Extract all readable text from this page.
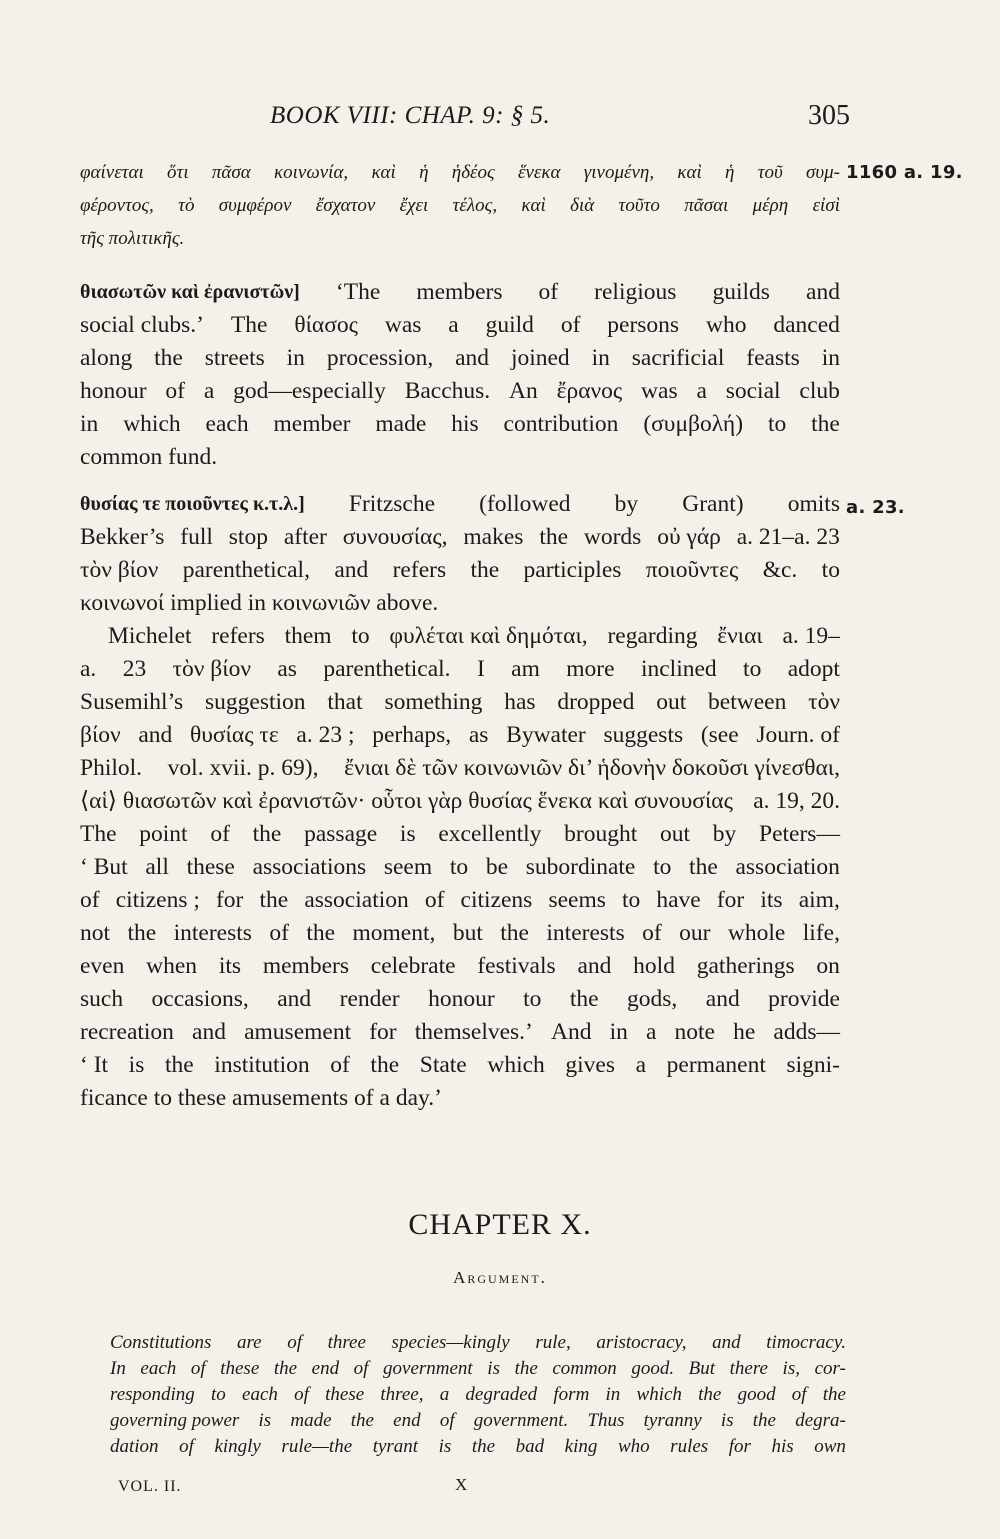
BOOK VIII: CHAP. 9: § 5.	305
φαίνεται ὅτι πᾶσα κοινωνία, καὶ ἡ ἡδέος ἕνεκα γινομένη, καὶ ἡ τοῦ συμ-
φέροντος, τὸ συμφέρον ἔσχατον ἔχει τέλος, καὶ διὰ τοῦτο πᾶσαι μέρη εἰσὶ
τῆς πολιτικῆς.
1160 a. 19.
θιασωτῶν καὶ ἐρανιστῶν] ‘The members of religious guilds and
social clubs.’ The θίασος was a guild of persons who danced
along the streets in procession, and joined in sacrificial feasts in
honour of a god—especially Bacchus. An ἔρανος was a social club
in which each member made his contribution (συμβολή) to the
common fund.
θυσίας τε ποιοῦντες κ.τ.λ.] Fritzsche (followed by Grant) omits
Bekker’s full stop after συνουσίας, makes the words οὐ γάρ a. 21–a. 23
τὸν βίον parenthetical, and refers the participles ποιοῦντες &c. to
κοινωνοί implied in κοινωνιῶν above.
a. 23.
Michelet refers them to φυλέται καὶ δημόται, regarding ἔνιαι a. 19–
a. 23 τὸν βίον as parenthetical. I am more inclined to adopt
Susemihl’s suggestion that something has dropped out between τὸν
βίον and θυσίας τε a. 23 ; perhaps, as Bywater suggests (see Journ. of
Philol. vol. xvii. p. 69), ἔνιαι δὲ τῶν κοινωνιῶν δι’ ἡδονὴν δοκοῦσι γίνεσθαι,
⟨αἱ⟩ θιασωτῶν καὶ ἐρανιστῶν· οὗτοι γὰρ θυσίας ἕνεκα καὶ συνουσίας a. 19, 20.
The point of the passage is excellently brought out by Peters—
‘ But all these associations seem to be subordinate to the association
of citizens ; for the association of citizens seems to have for its aim,
not the interests of the moment, but the interests of our whole life,
even when its members celebrate festivals and hold gatherings on
such occasions, and render honour to the gods, and provide
recreation and amusement for themselves.’ And in a note he adds—
‘ It is the institution of the State which gives a permanent signi-
ficance to these amusements of a day.’
CHAPTER X.
Argument.
Constitutions are of three species—kingly rule, aristocracy, and timocracy.
In each of these the end of government is the common good. But there is, cor-
responding to each of these three, a degraded form in which the good of the
governing power is made the end of government. Thus tyranny is the degra-
dation of kingly rule—the tyrant is the bad king who rules for his own
VOL. II.	X
